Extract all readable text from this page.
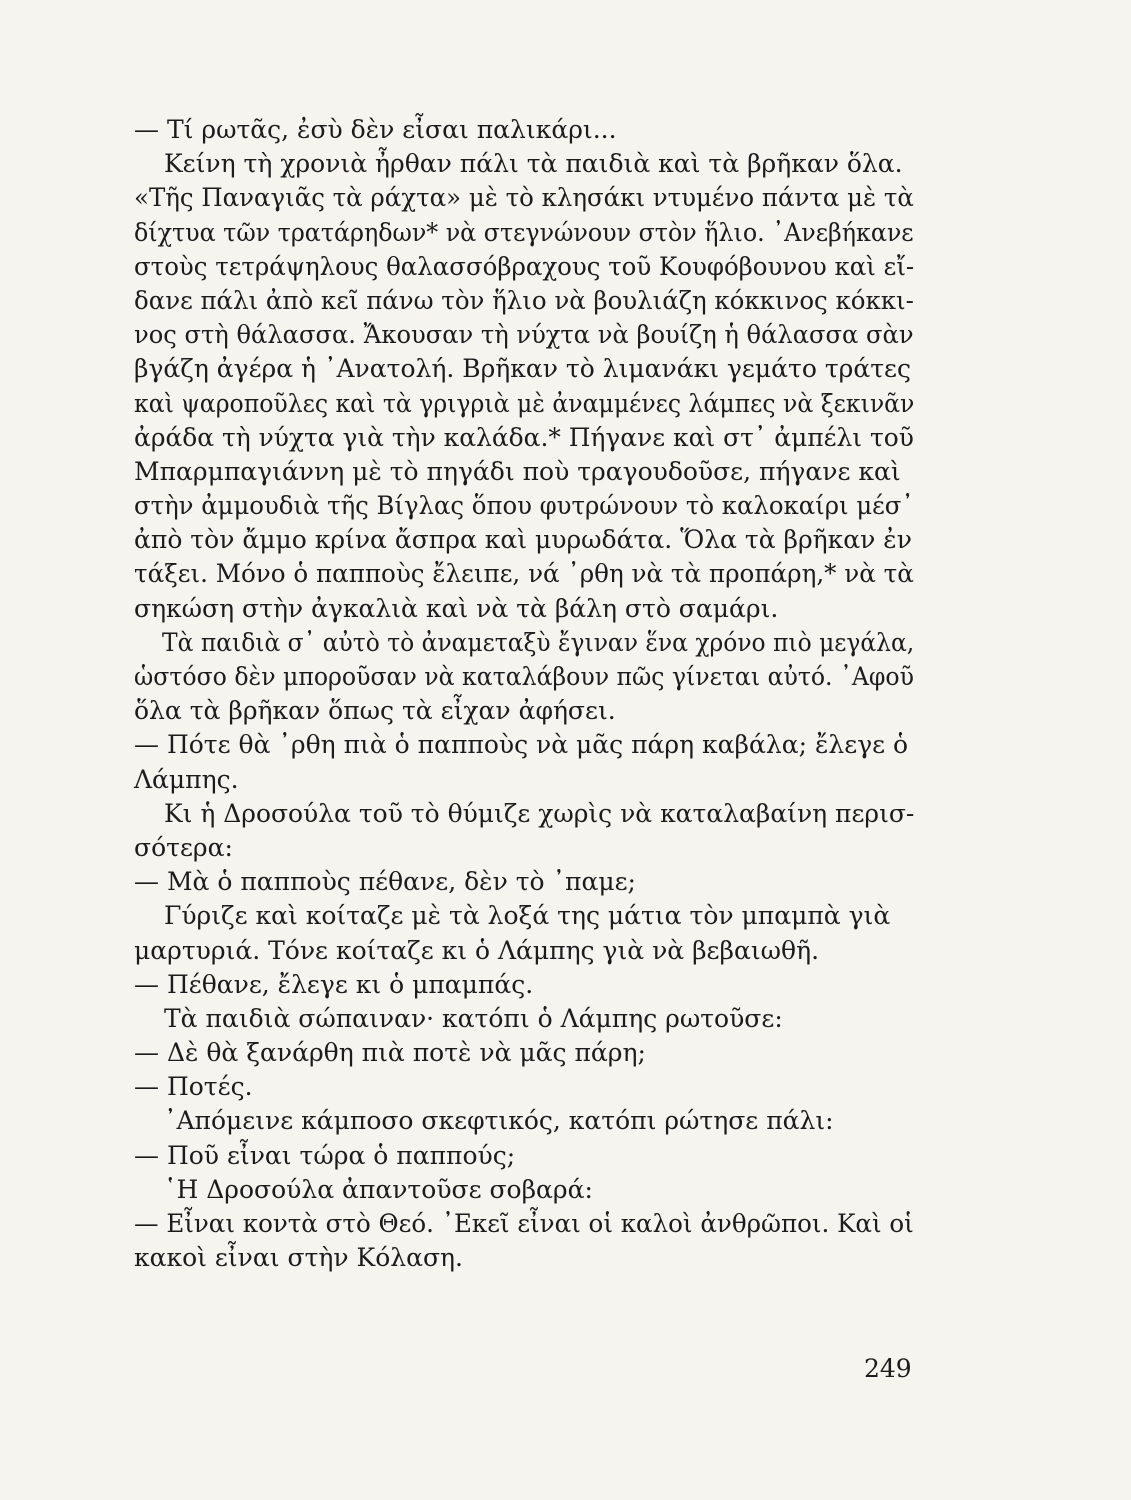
— Τί ρωτᾶς, ἐσὺ δὲν εἶσαι παλικάρι...
Κείνη τὴ χρονιὰ ἦρθαν πάλι τὰ παιδιὰ καὶ τὰ βρῆκαν ὅλα.
«Τῆς Παναγιᾶς τὰ ράχτα» μὲ τὸ κλησάκι ντυμένο πάντα μὲ τὰ
δίχτυα τῶν τρατάρηδων* νὰ στεγνώνουν στὸν ἥλιο. ᾿Ανεβήκανε
στοὺς τετράψηλους θαλασσόβραχους τοῦ Κουφόβουνου καὶ εἴ-
δανε πάλι ἀπὸ κεῖ πάνω τὸν ἥλιο νὰ βουλιάζη κόκκινος κόκκι-
νος στὴ θάλασσα. Ἄκουσαν τὴ νύχτα νὰ βουίζη ἡ θάλασσα σὰν
βγάζη ἀγέρα ἡ ᾿Ανατολή. Βρῆκαν τὸ λιμανάκι γεμάτο τράτες
καὶ ψαροποῦλες καὶ τὰ γριγριὰ μὲ ἀναμμένες λάμπες νὰ ξεκινᾶν
ἀράδα τὴ νύχτα γιὰ τὴν καλάδα.* Πήγανε καὶ στ᾿ ἀμπέλι τοῦ
Μπαρμπαγιάννη μὲ τὸ πηγάδι ποὺ τραγουδοῦσε, πήγανε καὶ
στὴν ἀμμουδιὰ τῆς Βίγλας ὅπου φυτρώνουν τὸ καλοκαίρι μέσ᾿
ἀπὸ τὸν ἄμμο κρίνα ἄσπρα καὶ μυρωδάτα. Ὅλα τὰ βρῆκαν ἐν
τάξει. Μόνο ὁ παπποὺς ἔλειπε, νά ᾿ρθη νὰ τὰ προπάρη,* νὰ τὰ
σηκώση στὴν ἀγκαλιὰ καὶ νὰ τὰ βάλη στὸ σαμάρι.
Τὰ παιδιὰ σ᾿ αὐτὸ τὸ ἀναμεταξὺ ἔγιναν ἕνα χρόνο πιὸ μεγάλα,
ὡστόσο δὲν μποροῦσαν νὰ καταλάβουν πῶς γίνεται αὐτό. ᾿Αφοῦ
ὅλα τὰ βρῆκαν ὅπως τὰ εἶχαν ἀφήσει.
— Πότε θὰ ᾿ρθη πιὰ ὁ παπποὺς νὰ μᾶς πάρη καβάλα; ἔλεγε ὁ
Λάμπης.
Κι ἡ Δροσούλα τοῦ τὸ θύμιζε χωρὶς νὰ καταλαβαίνη περισ-
σότερα:
— Μὰ ὁ παπποὺς πέθανε, δὲν τὸ ᾿παμε;
Γύριζε καὶ κοίταζε μὲ τὰ λοξά της μάτια τὸν μπαμπὰ γιὰ
μαρτυριά. Τόνε κοίταζε κι ὁ Λάμπης γιὰ νὰ βεβαιωθῆ.
— Πέθανε, ἔλεγε κι ὁ μπαμπάς.
Τὰ παιδιὰ σώπαιναν· κατόπι ὁ Λάμπης ρωτοῦσε:
— Δὲ θὰ ξανάρθη πιὰ ποτὲ νὰ μᾶς πάρη;
— Ποτές.
᾿Απόμεινε κάμποσο σκεφτικός, κατόπι ρώτησε πάλι:
— Ποῦ εἶναι τώρα ὁ παππούς;
῾Η Δροσούλα ἀπαντοῦσε σοβαρά:
— Εἶναι κοντὰ στὸ Θεό. ᾿Εκεῖ εἶναι οἱ καλοὶ ἀνθρῶποι. Καὶ οἱ
κακοὶ εἶναι στὴν Κόλαση.
249
